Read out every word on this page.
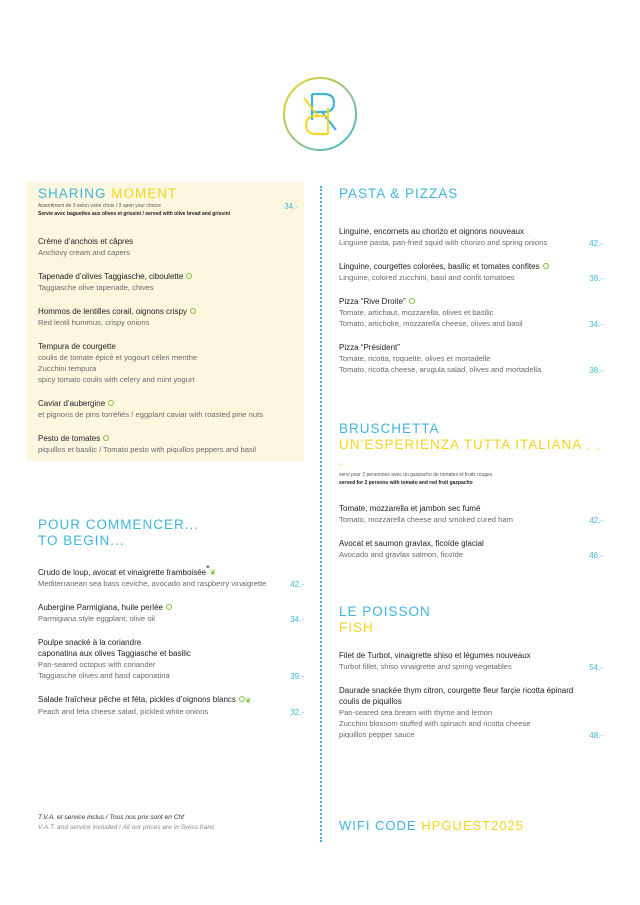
SHARING MOMENT
Assortiment de 3 selon votre choix / 3 upon your choice	34.-
Servie avec baguettes aux olives et grissini / served with olive bread and grissini
Crème d’anchois et câpres
Anchovy cream and capers
Tapenade d’olives Taggiasche, ciboulette
Taggiasche olive tapenade, chives
Hommos de lentilles corail, oignons crispy
Red lentil hummus, crispy onions
Tempura de courgette
coulis de tomate épicé et yogourt céleri menthe
Zucchini tempura
spicy tomato coulis with celery and mint yogurt
Caviar d’aubergine
et pignons de pins torréfiés / eggplant caviar with roasted pine nuts
Pesto de tomates
piquillos et basilic / Tomato pesto with piquillos peppers and basil
POUR COMMENCER...
TO BEGIN...
Crudo de loup, avocat et vinaigrette framboisée*❦
Mediterranean sea bass ceviche, avocado and raspberry vinaigrette	42.-
Aubergine Parmigiana, huile perlée
Parmigiana style eggplant, olive oil	34.-
Poulpe snacké à la coriandre
caponatina aux olives Taggiasche et basilic
Pan-seared octopus with coriander
Taggiasche olives and basil caponatina	39.-
Salade fraîcheur pêche et féta, pickles d’oignons blancs ❦
Peach and feta cheese salad, pickled white onions	32.-
PASTA & PIZZAS
Linguine, encornets au chorizo et oignons nouveaux
Linguine pasta, pan-fried squid with chorizo and spring onions	42.-
Linguine, courgettes colorées, basilic et tomates confites
Linguine, colored zucchini, basil and confit tomatoes	38.-
Pizza “Rive Droite”
Tomate, artichaut, mozzarella, olives et basilic
Tomato, artichoke, mozzarella cheese, olives and basil	34.-
Pizza “Président”
Tomate, ricotta, roquette, olives et mortadelle
Tomato, ricotta cheese, arugula salad, olives and mortadella	38.-
BRUSCHETTA
UN’ESPERIENZA TUTTA ITALIANA . . .
servi pour 2 personnes avec un gaspacho de tomates et fruits rouges
served for 2 persons with tomato and red fruit gazpacho
Tomate, mozzarella et jambon sec fumé
Tomato, mozzarella cheese and smoked cured ham	42.-
Avocat et saumon gravlax, ficoïde glacial
Avocado and gravlax salmon, ficoïde	46.-
LE POISSON
FISH
Filet de Turbot, vinaigrette shiso et légumes nouveaux
Turbot fillet, shiso vinaigrette and spring vegetables	54.-
Daurade snackée thym citron, courgette fleur farçie ricotta épinard
coulis de piquillos
Pan-seared sea bream with thyme and lemon
Zucchini blossom stuffed with spinach and ricotta cheese
piquillos pepper sauce	48.-
T.V.A. et service inclus / Tous nos prix sont en Chf
V.A.T. and service included / All our prices are in Swiss franc	WIFI CODE HPGUEST2025
